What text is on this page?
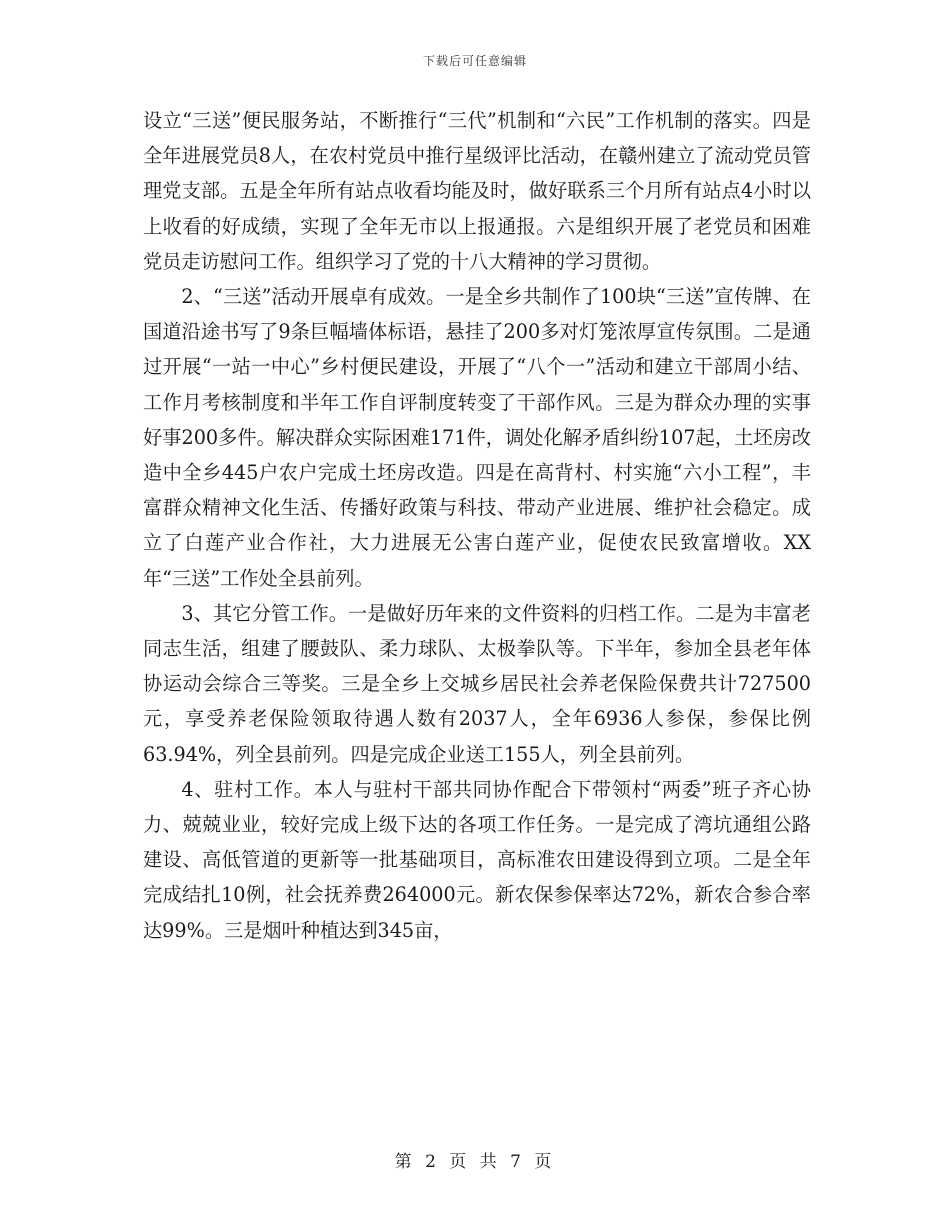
下载后可任意编辑

设立“三送”便民服务站，不断推行“三代”机制和“六民”工作机制的落实。四是全年进展党员8人，在农村党员中推行星级评比活动，在赣州建立了流动党员管理党支部。五是全年所有站点收看均能及时，做好联系三个月所有站点4小时以上收看的好成绩，实现了全年无市以上报通报。六是组织开展了老党员和困难党员走访慰问工作。组织学习了党的十八大精神的学习贯彻。

2、“三送”活动开展卓有成效。一是全乡共制作了100块“三送”宣传牌、在国道沿途书写了9条巨幅墙体标语，悬挂了200多对灯笼浓厚宣传氛围。二是通过开展“一站一中心”乡村便民建设，开展了“八个一”活动和建立干部周小结、工作月考核制度和半年工作自评制度转变了干部作风。三是为群众办理的实事好事200多件。解决群众实际困难171件，调处化解矛盾纠纷107起，土坯房改造中全乡445户农户完成土坯房改造。四是在高背村、村实施“六小工程”，丰富群众精神文化生活、传播好政策与科技、带动产业进展、维护社会稳定。成立了白莲产业合作社，大力进展无公害白莲产业，促使农民致富增收。XX年“三送”工作处全县前列。

3、其它分管工作。一是做好历年来的文件资料的归档工作。二是为丰富老同志生活，组建了腰鼓队、柔力球队、太极拳队等。下半年，参加全县老年体协运动会综合三等奖。三是全乡上交城乡居民社会养老保险保费共计727500元，享受养老保险领取待遇人数有2037人，全年6936人参保，参保比例63.94%，列全县前列。四是完成企业送工155人，列全县前列。

4、驻村工作。本人与驻村干部共同协作配合下带领村“两委”班子齐心协力、兢兢业业，较好完成上级下达的各项工作任务。一是完成了湾坑通组公路建设、高低管道的更新等一批基础项目，高标准农田建设得到立项。二是全年完成结扎10例，社会抚养费264000元。新农保参保率达72%，新农合参合率达99%。三是烟叶种植达到345亩，

第 2 页 共 7 页
